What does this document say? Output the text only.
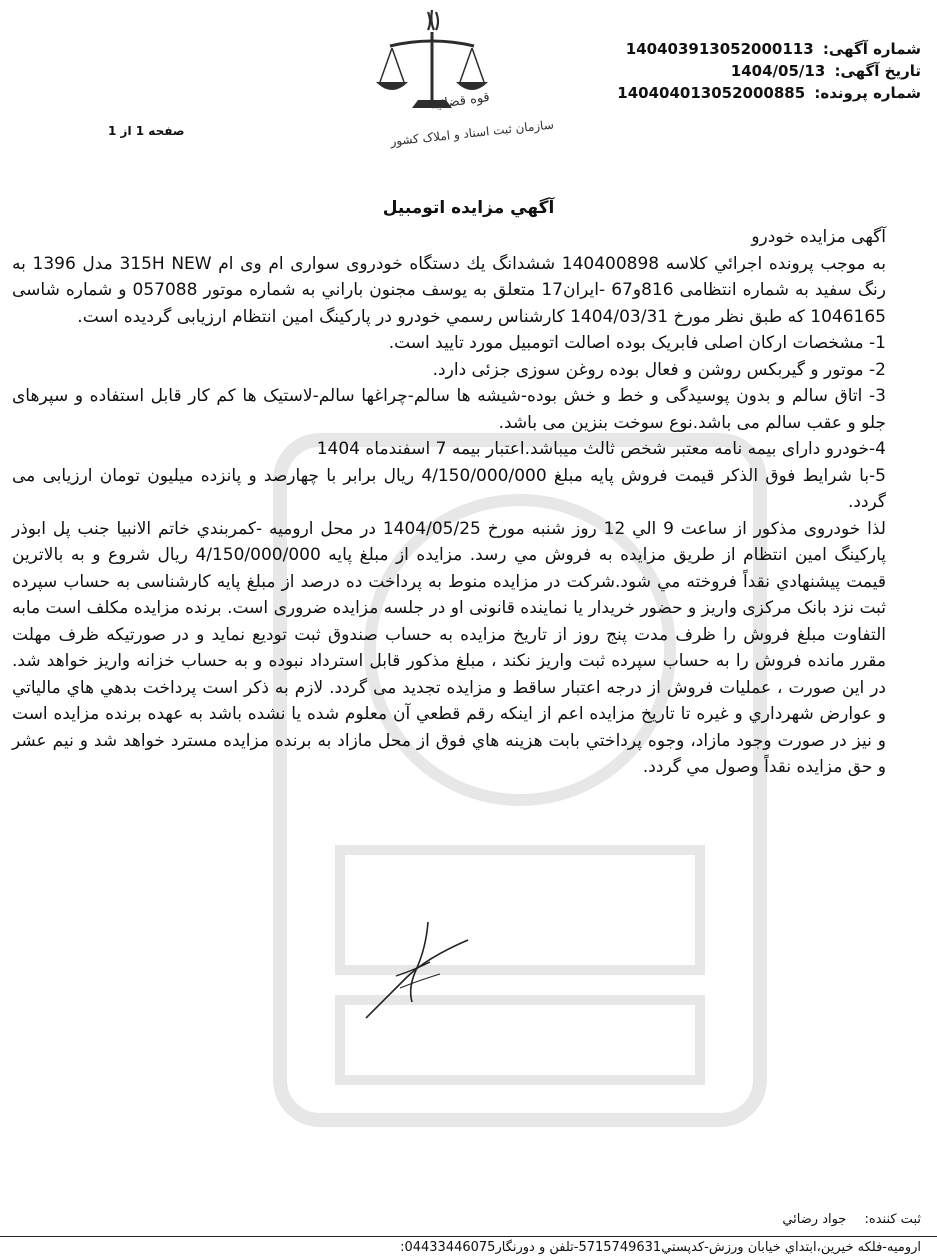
شماره آگهی: 140403913052000113
تاریخ آگهی: 1404/05/13
شماره پرونده: 140404013052000885
قوه قضائیه
سازمان ثبت اسناد و املاک کشور
صفحه 1 از 1
آگهي مزايده اتومبيل

آگهی مزایده خودرو

به موجب پرونده اجرائي كلاسه 140400898 ششدانگ يك دستگاه خودروی سواری ام وی ام 315H NEW مدل 1396 به رنگ سفيد به شماره انتظامی 816و67 -ايران17 متعلق به يوسف مجنون باراني به شماره موتور 057088 و شماره شاسی 1046165 كه طبق نظر مورخ 1404/03/31 كارشناس رسمي خودرو در پاركينگ امين انتظام ارزيابی گرديده است.

1- مشخصات اركان اصلی فابريک بوده اصالت اتومبيل مورد تاييد است.

2- موتور و گيربكس روشن و فعال بوده روغن سوزی جزئی دارد.

3- اتاق سالم و بدون پوسيدگی و خط و خش بوده-شيشه ها سالم-چراغها سالم-لاستيک ها كم كار قابل استفاده و سپرهای جلو و عقب سالم می باشد.نوع سوخت بنزين می باشد.

4-خودرو دارای بيمه نامه معتبر شخص ثالث ميباشد.اعتبار بيمه 7 اسفندماه 1404

5-با شرايط فوق الذكر قيمت فروش پايه مبلغ 4/150/000/000 ريال برابر با چهارصد و پانزده ميليون تومان ارزيابی می گردد.

لذا خودروی مذكور از ساعت 9 الي 12 روز شنبه مورخ 1404/05/25 در محل اروميه -كمربندي خاتم الانبيا جنب پل ابوذر پاركينگ امين انتظام از طريق مزايده به فروش مي رسد. مزايده از مبلغ پايه 4/150/000/000 ريال شروع و به بالاترين قيمت پيشنهادي نقداً فروخته مي شود.شركت در مزايده منوط به پرداخت ده درصد از مبلغ پايه كارشناسی به حساب سپرده ثبت نزد بانک مركزی واريز و حضور خريدار يا نماينده قانونی او در جلسه مزايده ضروری است. برنده مزايده مكلف است مابه التفاوت مبلغ فروش را ظرف مدت پنج روز از تاريخ مزايده به حساب صندوق ثبت توديع نمايد و در صورتيكه ظرف مهلت مقرر مانده فروش را به حساب سپرده ثبت واريز نكند ، مبلغ مذكور قابل استرداد نبوده و به حساب خزانه واريز خواهد شد. در اين صورت ، عمليات فروش از درجه اعتبار ساقط و مزايده تجديد می گردد. لازم به ذكر است پرداخت بدهي هاي مالياتي و عوارض شهرداري و غيره تا تاريخ مزايده اعم از اينكه رقم قطعي آن معلوم شده يا نشده باشد به عهده برنده مزايده است و نيز در صورت وجود مازاد، وجوه پرداختي بابت هزينه هاي فوق از محل مازاد به برنده مزايده مسترد خواهد شد و نيم عشر و حق مزايده نقداً وصول مي گردد.

ثبت كننده: جواد رضائي
اروميه-فلكه خيرين،ابتداي خيابان ورزش-كدپستي5715749631-تلفن و دورنگار04433446075:
